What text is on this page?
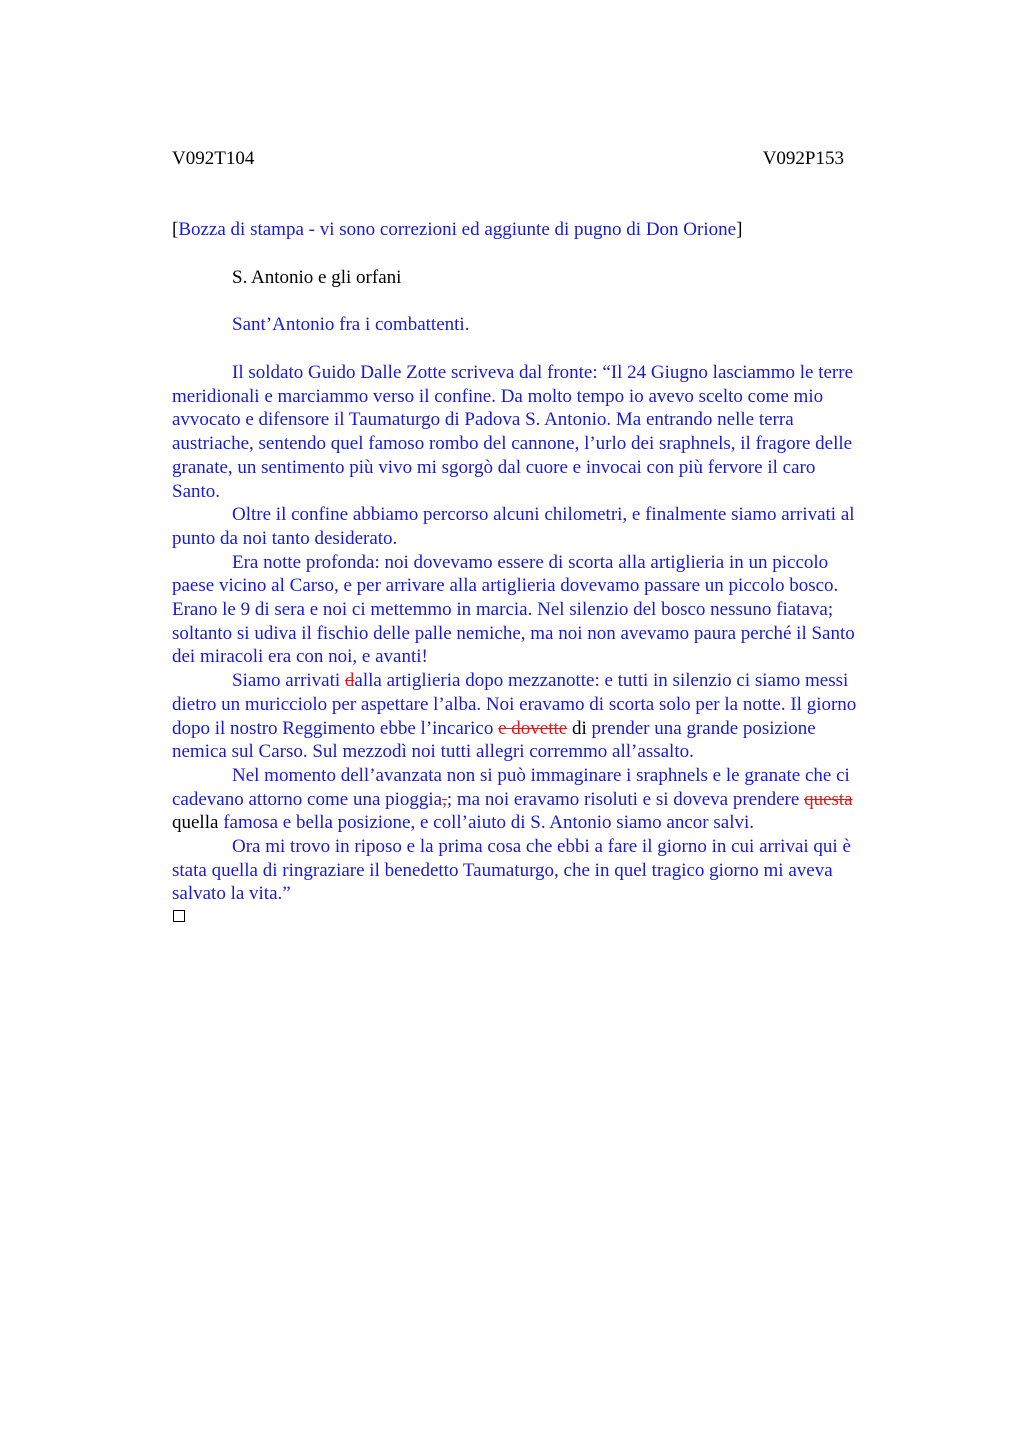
V092T104	V092P153
[Bozza di stampa - vi sono correzioni ed aggiunte di pugno di Don Orione]
S. Antonio e gli orfani
Sant’Antonio fra i combattenti.

Il soldato Guido Dalle Zotte scriveva dal fronte: “Il 24 Giugno lasciammo le terre
meridionali e marciammo verso il confine. Da molto tempo io avevo scelto come mio
avvocato e difensore il Taumaturgo di Padova S. Antonio. Ma entrando nelle terra
austriache, sentendo quel famoso rombo del cannone, l’urlo dei sraphnels, il fragore delle
granate, un sentimento più vivo mi sgorgò dal cuore e invocai con più fervore il caro
Santo.

Oltre il confine abbiamo percorso alcuni chilometri, e finalmente siamo arrivati al
punto da noi tanto desiderato.

Era notte profonda: noi dovevamo essere di scorta alla artiglieria in un piccolo
paese vicino al Carso, e per arrivare alla artiglieria dovevamo passare un piccolo bosco.
Erano le 9 di sera e noi ci mettemmo in marcia. Nel silenzio del bosco nessuno fiatava;
soltanto si udiva il fischio delle palle nemiche, ma noi non avevamo paura perché il Santo
dei miracoli era con noi, e avanti!

Siamo arrivati dalla artiglieria dopo mezzanotte: e tutti in silenzio ci siamo messi
dietro un muricciolo per aspettare l’alba. Noi eravamo di scorta solo per la notte. Il giorno
dopo il nostro Reggimento ebbe l’incarico e dovette di prender una grande posizione
nemica sul Carso. Sul mezzodì noi tutti allegri corremmo all’assalto.

Nel momento dell’avanzata non si può immaginare i sraphnels e le granate che ci
cadevano attorno come una pioggia,; ma noi eravamo risoluti e si doveva prendere questa
quella famosa e bella posizione, e coll’aiuto di S. Antonio siamo ancor salvi.

Ora mi trovo in riposo e la prima cosa che ebbi a fare il giorno in cui arrivai qui è
stata quella di ringraziare il benedetto Taumaturgo, che in quel tragico giorno mi aveva
salvato la vita.”
